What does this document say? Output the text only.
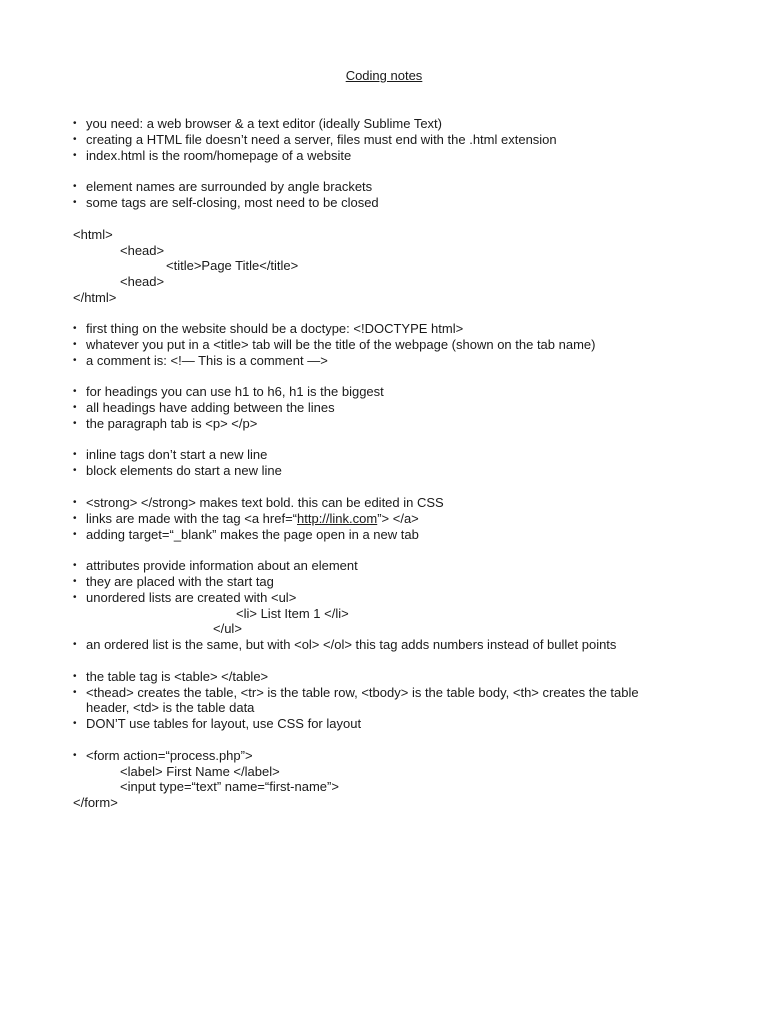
Coding notes
• you need: a web browser & a text editor (ideally Sublime Text)
• creating a HTML file doesn’t need a server, files must end with the .html extension
• index.html is the room/homepage of a website
• element names are surrounded by angle brackets
• some tags are self-closing, most need to be closed
<html>
<head>
<title>Page Title</title>
<head>
</html>
• first thing on the website should be a doctype: <!DOCTYPE html>
• whatever you put in a <title> tab will be the title of the webpage (shown on the tab name)
• a comment is: <!— This is a comment —>
• for headings you can use h1 to h6, h1 is the biggest
• all headings have adding between the lines
• the paragraph tab is <p> </p>
• inline tags don’t start a new line
• block elements do start a new line
• <strong> </strong> makes text bold. this can be edited in CSS
• links are made with the tag <a href=“http://link.com”> </a>
• adding target=“_blank” makes the page open in a new tab
• attributes provide information about an element
• they are placed with the start tag
• unordered lists are created with <ul>
<li> List Item 1 </li>
</ul>
• an ordered list is the same, but with <ol> </ol> this tag adds numbers instead of bullet points
• the table tag is <table> </table>
• <thead> creates the table, <tr> is the table row, <tbody> is the table body, <th> creates the table
header, <td> is the table data
• DON’T use tables for layout, use CSS for layout
• <form action=“process.php”>
<label> First Name </label>
<input type=“text” name=“first-name”>
</form>
